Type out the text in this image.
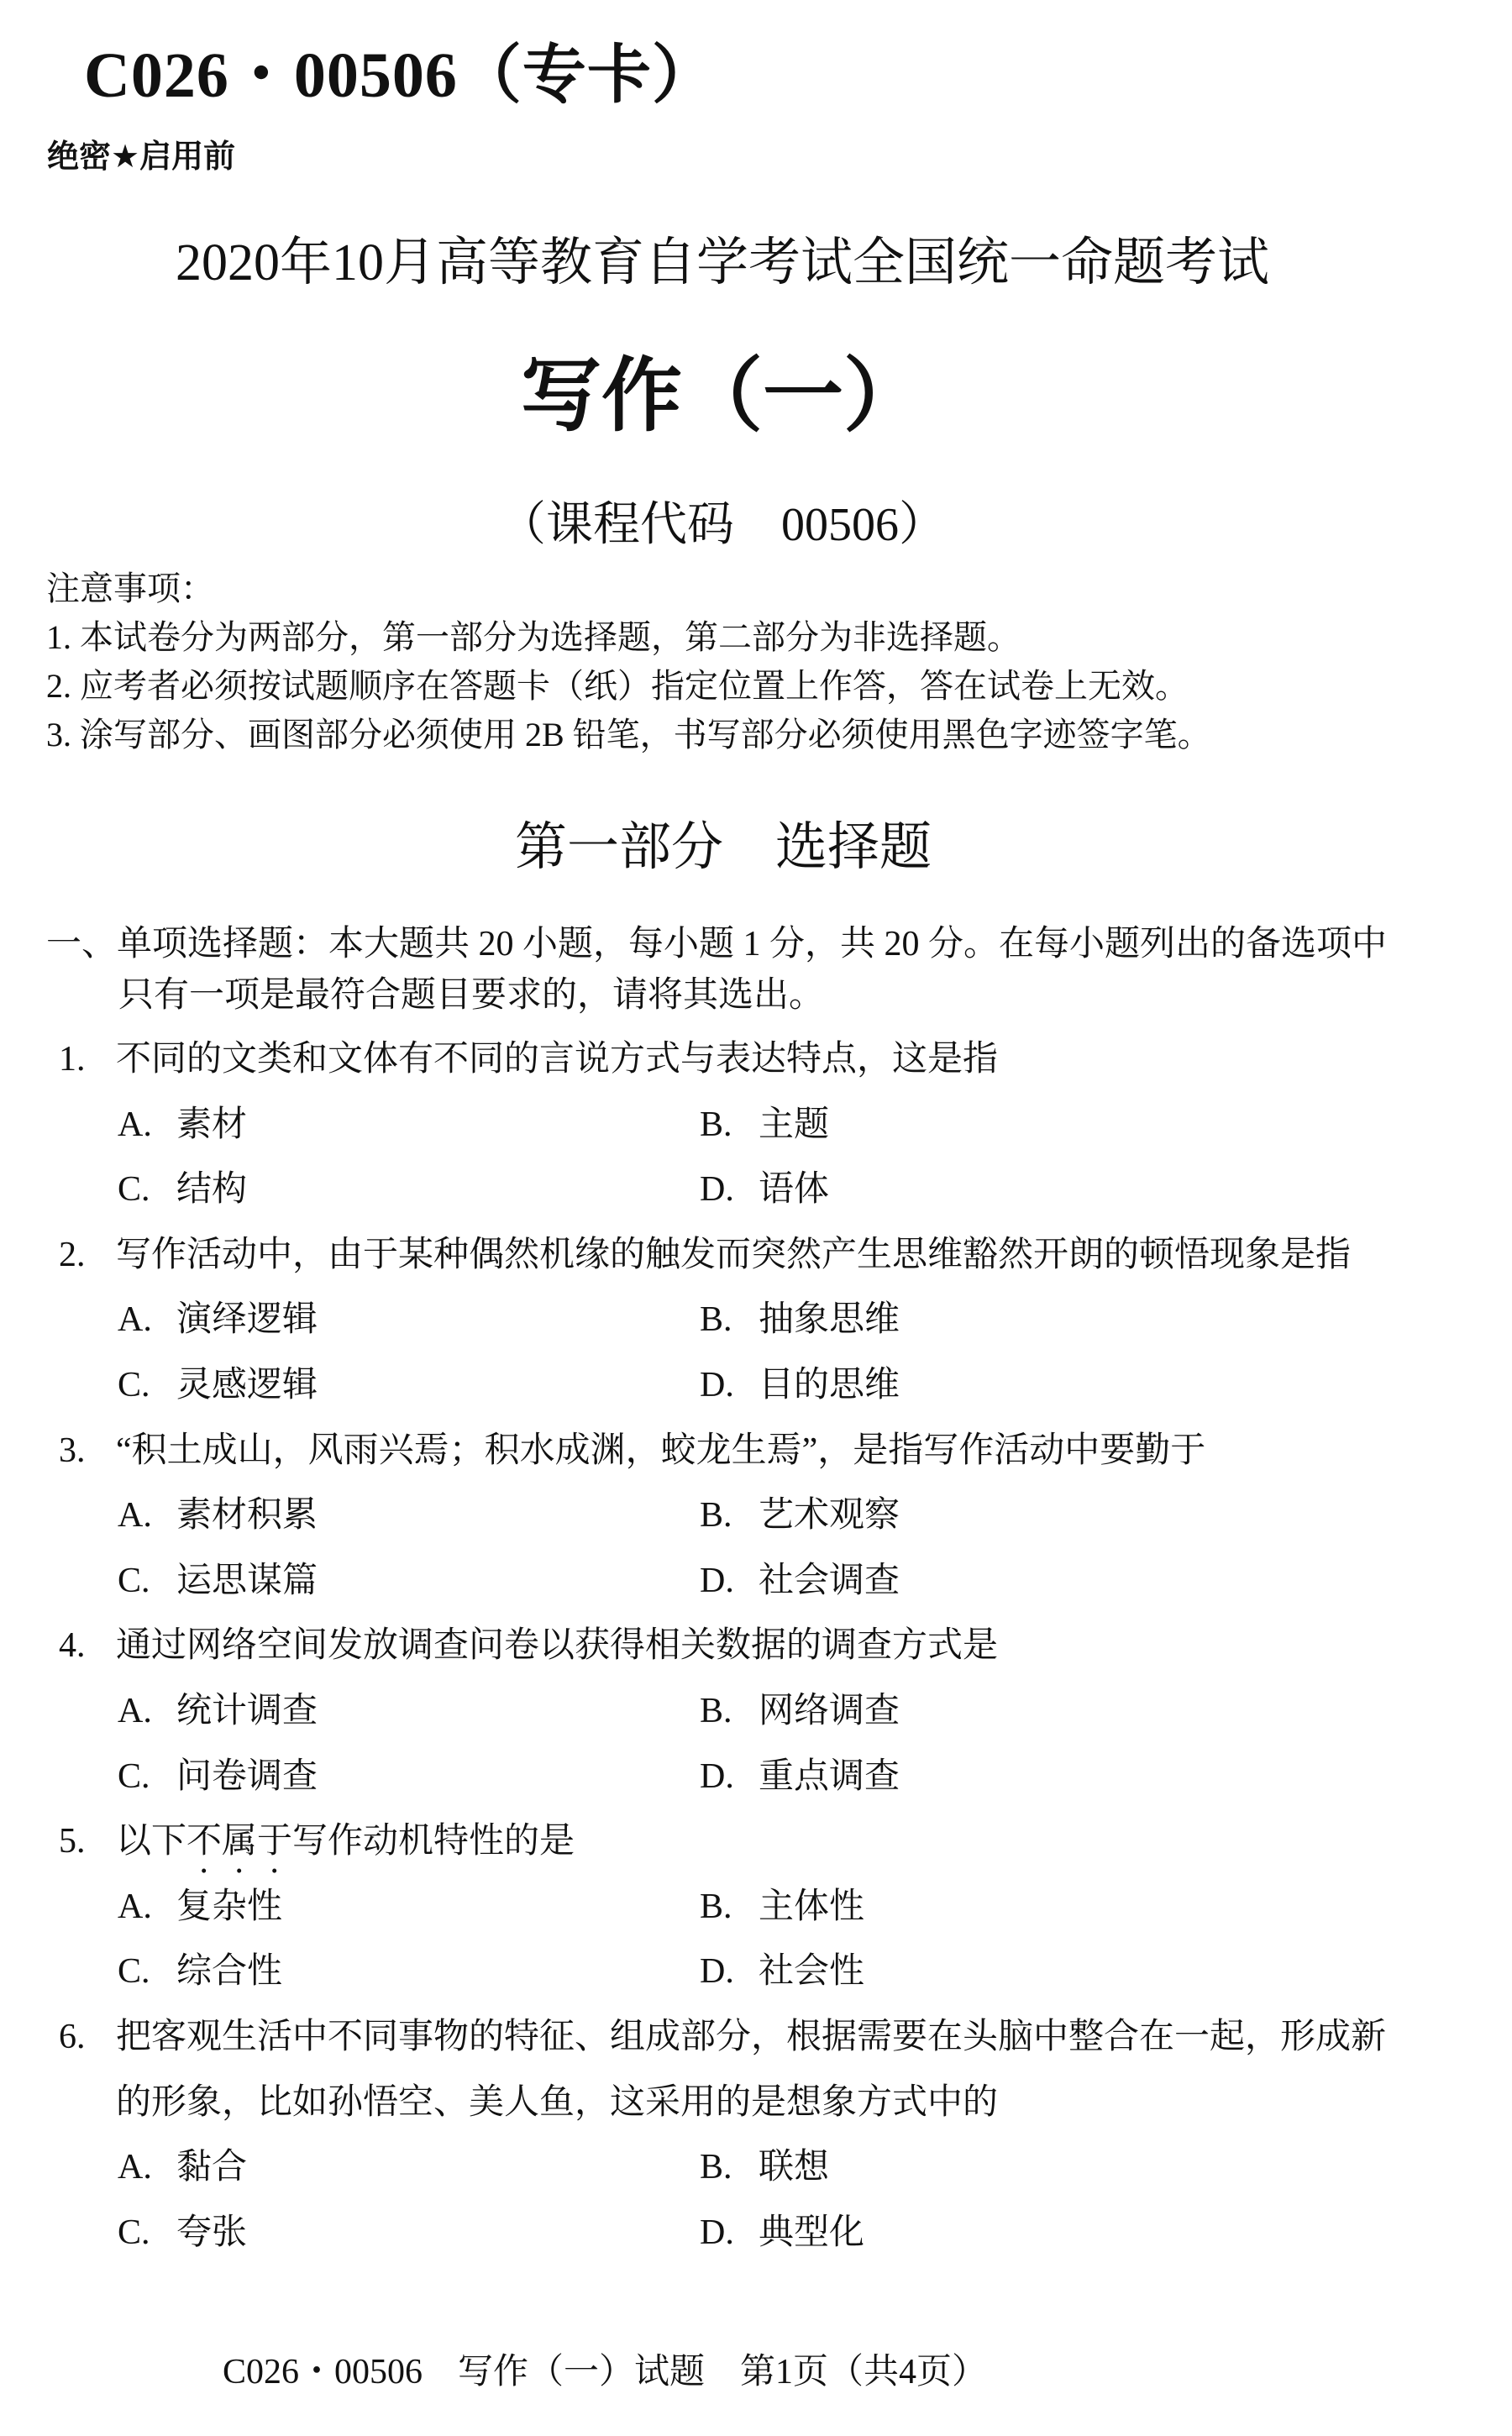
C026・00506（专卡）
绝密★启用前
2020年10月高等教育自学考试全国统一命题考试
写作（一）
（课程代码　00506）
注意事项：
1. 本试卷分为两部分，第一部分为选择题，第二部分为非选择题。
2. 应考者必须按试题顺序在答题卡（纸）指定位置上作答，答在试卷上无效。
3. 涂写部分、画图部分必须使用 2B 铅笔，书写部分必须使用黑色字迹签字笔。
第一部分　选择题
一、单项选择题：本大题共 20 小题，每小题 1 分，共 20 分。在每小题列出的备选项中
只有一项是最符合题目要求的，请将其选出。
1. 不同的文类和文体有不同的言说方式与表达特点，这是指
A. 素材	B. 主题
C. 结构	D. 语体
2. 写作活动中，由于某种偶然机缘的触发而突然产生思维豁然开朗的顿悟现象是指
A. 演绎逻辑	B. 抽象思维
C. 灵感逻辑	D. 目的思维
3. “积土成山，风雨兴焉；积水成渊，蛟龙生焉”，是指写作活动中要勤于
A. 素材积累	B. 艺术观察
C. 运思谋篇	D. 社会调查
4. 通过网络空间发放调查问卷以获得相关数据的调查方式是
A. 统计调查	B. 网络调查
C. 问卷调查	D. 重点调查
5. 以下不属于写作动机特性的是
A. 复杂性	B. 主体性
C. 综合性	D. 社会性
6. 把客观生活中不同事物的特征、组成部分，根据需要在头脑中整合在一起，形成新
的形象，比如孙悟空、美人鱼，这采用的是想象方式中的
A. 黏合	B. 联想
C. 夸张	D. 典型化
C026・00506　写作（一）试题　第1页（共4页）
